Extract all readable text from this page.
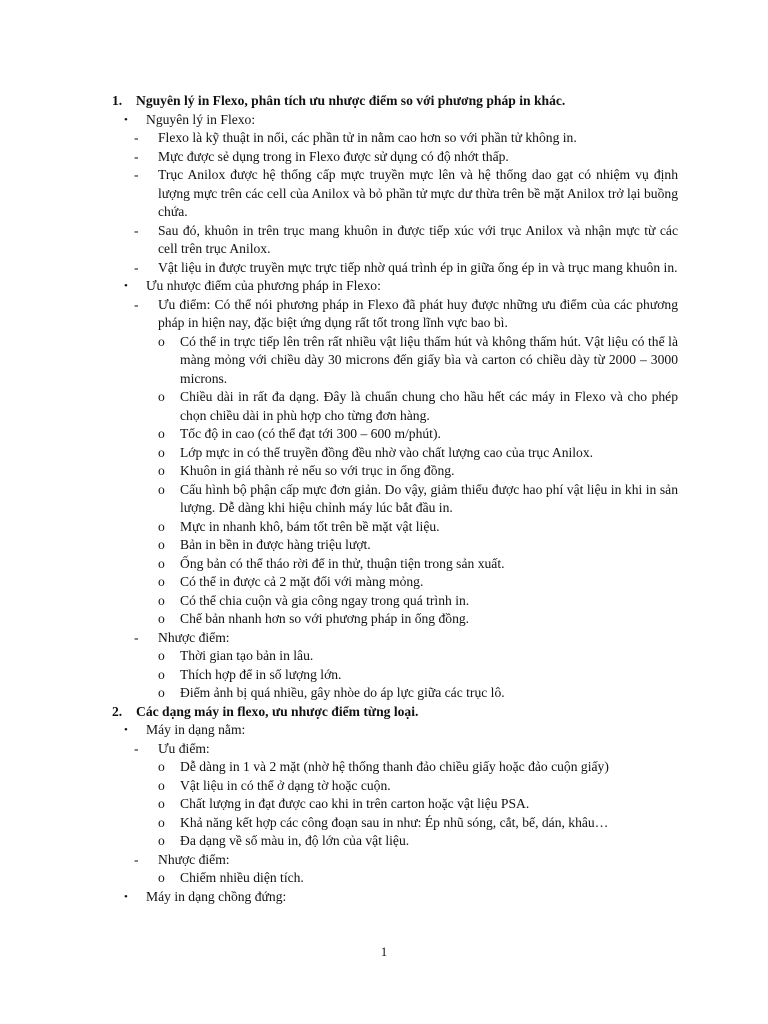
1. Nguyên lý in Flexo, phân tích ưu nhược điểm so với phương pháp in khác.
• Nguyên lý in Flexo:
- Flexo là kỹ thuật in nổi, các phần tử in nằm cao hơn so với phần tử không in.
- Mực được sẻ dụng trong in Flexo được sử dụng có độ nhớt thấp.
- Trục Anilox được hệ thống cấp mực truyền mực lên và hệ thống dao gạt có nhiệm vụ định lượng mực trên các cell của Anilox và bỏ phần tử mực dư thừa trên bề mặt Anilox trở lại buồng chứa.
- Sau đó, khuôn in trên trục mang khuôn in được tiếp xúc với trục Anilox và nhận mực từ các cell trên trục Anilox.
- Vật liệu in được truyền mực trực tiếp nhờ quá trình ép in giữa ống ép in và trục mang khuôn in.
• Ưu nhược điểm của phương pháp in Flexo:
- Ưu điểm: Có thể nói phương pháp in Flexo đã phát huy được những ưu điểm của các phương pháp in hiện nay, đặc biệt ứng dụng rất tốt trong lĩnh vực bao bì.
o Có thể in trực tiếp lên trên rất nhiều vật liệu thấm hút và không thấm hút. Vật liệu có thể là màng mỏng với chiều dày 30 microns đến giấy bìa và carton có chiều dày từ 2000 – 3000 microns.
o Chiều dài in rất đa dạng. Đây là chuẩn chung cho hầu hết các máy in Flexo và cho phép chọn chiều dài in phù hợp cho từng đơn hàng.
o Tốc độ in cao (có thể đạt tới 300 – 600 m/phút).
o Lớp mực in có thể truyền đồng đều nhờ vào chất lượng cao của trục Anilox.
o Khuôn in giá thành rẻ nếu so với trục in ống đồng.
o Cấu hình bộ phận cấp mực đơn giản. Do vậy, giảm thiểu được hao phí vật liệu in khi in sản lượng. Dễ dàng khi hiệu chỉnh máy lúc bắt đầu in.
o Mực in nhanh khô, bám tốt trên bề mặt vật liệu.
o Bản in bền in được hàng triệu lượt.
o Ống bản có thể tháo rời để in thử, thuận tiện trong sản xuất.
o Có thể in được cả 2 mặt đối với màng mỏng.
o Có thể chia cuộn và gia công ngay trong quá trình in.
o Chế bản nhanh hơn so với phương pháp in ống đồng.
- Nhược điểm:
o Thời gian tạo bản in lâu.
o Thích hợp để in số lượng lớn.
o Điểm ảnh bị quá nhiều, gây nhòe do áp lực giữa các trục lô.
2. Các dạng máy in flexo, ưu nhược điểm từng loại.
• Máy in dạng nằm:
- Ưu điểm:
o Dễ dàng in 1 và 2 mặt (nhờ hệ thống thanh đảo chiều giấy hoặc đảo cuộn giấy)
o Vật liệu in có thể ở dạng tờ hoặc cuộn.
o Chất lượng in đạt được cao khi in trên carton hoặc vật liệu PSA.
o Khả năng kết hợp các công đoạn sau in như: Ép nhũ sóng, cắt, bế, dán, khâu…
o Đa dạng về số màu in, độ lớn của vật liệu.
- Nhược điểm:
o Chiếm nhiều diện tích.
• Máy in dạng chồng đứng:
1
